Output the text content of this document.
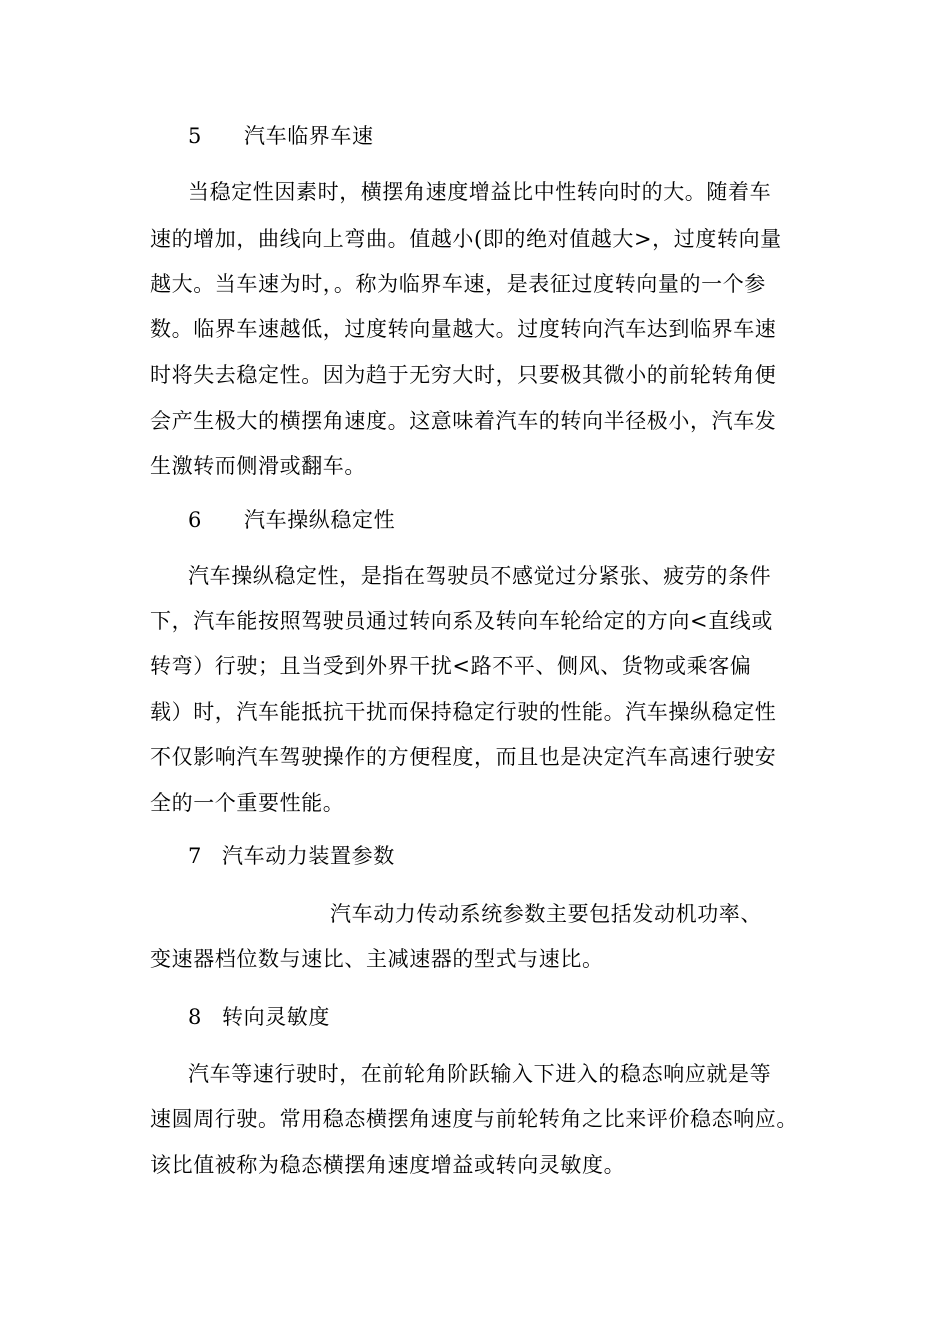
5 汽车临界车速
当稳定性因素时，横摆角速度增益比中性转向时的大。随着车
速的增加，曲线向上弯曲。值越小(即的绝对值越大>，过度转向量
越大。当车速为时，。称为临界车速，是表征过度转向量的一个参
数。临界车速越低，过度转向量越大。过度转向汽车达到临界车速
时将失去稳定性。因为趋于无穷大时，只要极其微小的前轮转角便
会产生极大的横摆角速度。这意味着汽车的转向半径极小，汽车发
生激转而侧滑或翻车。
6 汽车操纵稳定性
汽车操纵稳定性，是指在驾驶员不感觉过分紧张、疲劳的条件
下，汽车能按照驾驶员通过转向系及转向车轮给定的方向<直线或
转弯）行驶；且当受到外界干扰<路不平、侧风、货物或乘客偏
载）时，汽车能抵抗干扰而保持稳定行驶的性能。汽车操纵稳定性
不仅影响汽车驾驶操作的方便程度，而且也是决定汽车高速行驶安
全的一个重要性能。
7 汽车动力装置参数
汽车动力传动系统参数主要包括发动机功率、
变速器档位数与速比、主减速器的型式与速比。
8 转向灵敏度
汽车等速行驶时，在前轮角阶跃输入下进入的稳态响应就是等
速圆周行驶。常用稳态横摆角速度与前轮转角之比来评价稳态响应。
该比值被称为稳态横摆角速度增益或转向灵敏度。
